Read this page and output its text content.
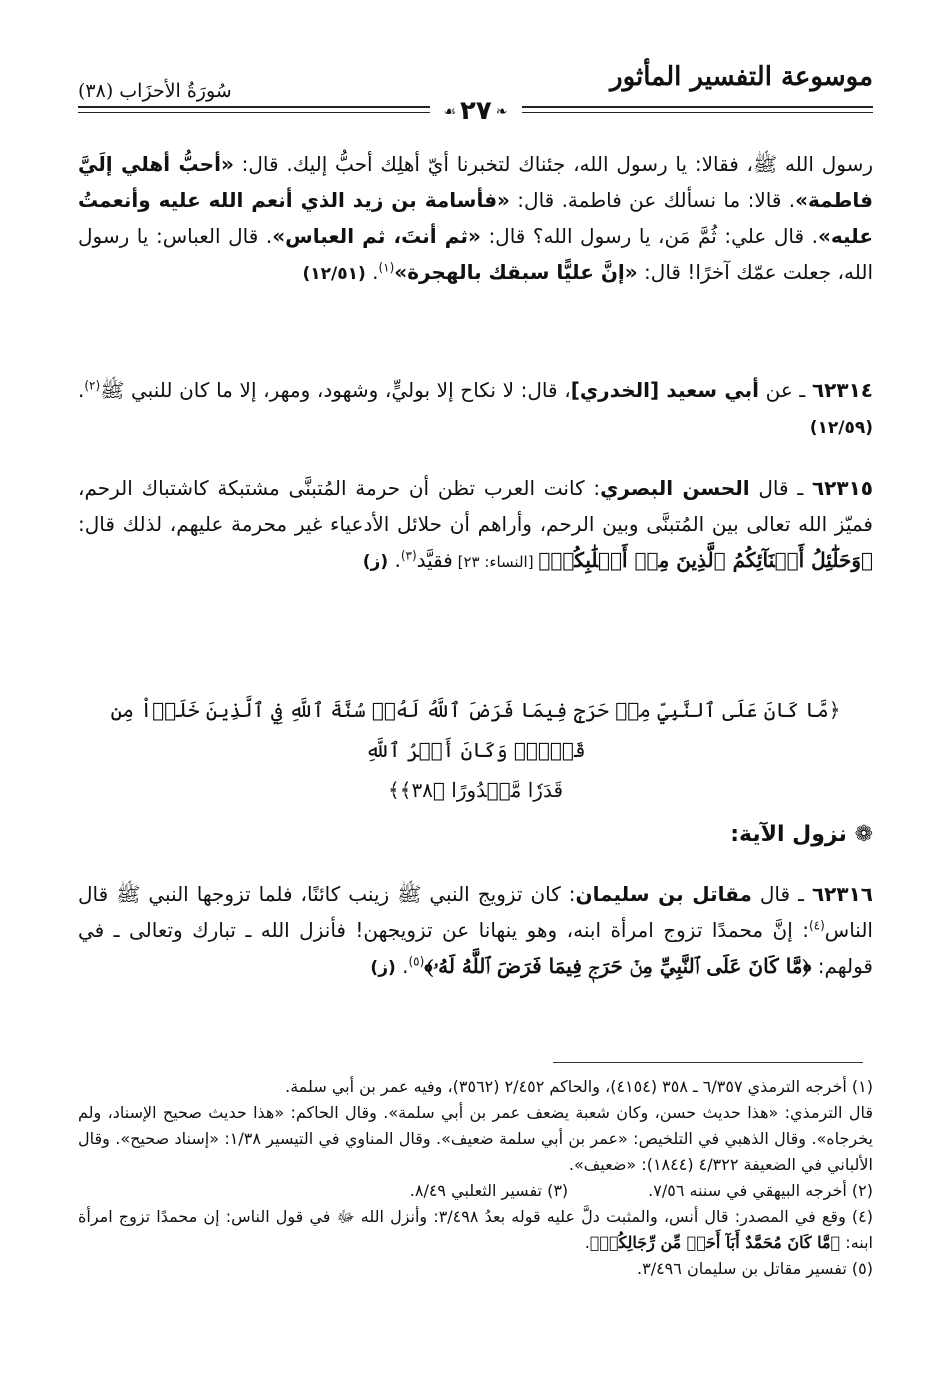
موسوعة التفسير المأثور
سُورَةُ الأحزَاب (٣٨)
❧٢٧☙

رسول الله ﷺ، فقالا: يا رسول الله، جئناك لتخبرنا أيّ أهلِك أحبُّ إليك. قال: «أحبُّ أهلي إلَيَّ فاطمة». قالا: ما نسألك عن فاطمة. قال: «فأسامة بن زيد الذي أنعم الله عليه وأنعمتُ عليه». قال علي: ثُمَّ مَن، يا رسول الله؟ قال: «ثم أنتَ، ثم العباس». قال العباس: يا رسول الله، جعلت عمّك آخرًا! قال: «إنَّ عليًّا سبقك بالهجرة»$^{(١)}$. (١٢/٥١)

٦٢٣١٤ ـ عن أبي سعيد [الخدري]، قال: لا نكاح إلا بوليٍّ، وشهود، ومهر، إلا ما كان للنبي ﷺ$^{(٢)}$. (١٢/٥٩)

٦٢٣١٥ ـ قال الحسن البصري: كانت العرب تظن أن حرمة المُتبنَّى مشتبكة كاشتباك الرحم، فميّز الله تعالى بين المُتبنَّى وبين الرحم، وأراهم أن حلائل الأدعياء غير محرمة عليهم، لذلك قال: ﴿وَحَلَٰٓئِلُ أَبۡنَآئِكُمُ ٱلَّذِينَ مِنۡ أَصۡلَٰبِكُمۡ﴾ [النساء: ٢٣] فقيَّد$^{(٣)}$. (ز)

﴿مَّا كَانَ عَلَى ٱلنَّبِيِّ مِنۡ حَرَجٖ فِيمَا فَرَضَ ٱللَّهُ لَهُۥۖ سُنَّةَ ٱللَّهِ فِي ٱلَّذِينَ خَلَوۡاْ مِن قَبۡلُۚ وَكَانَ أَمۡرُ ٱللَّهِ
قَدَرٗا مَّقۡدُورًا ﴿٣٨﴾﴾
❁ نزول الآية:

٦٢٣١٦ ـ قال مقاتل بن سليمان: كان تزويج النبي ﷺ زينب كائنًا، فلما تزوجها النبي ﷺ قال الناس$^{(٤)}$: إنَّ محمدًا تزوج امرأة ابنه، وهو ينهانا عن تزويجهن! فأنزل الله ـ تبارك وتعالى ـ في قولهم: ﴿مَّا كَانَ عَلَى ٱلنَّبِيِّ مِنۡ حَرَجٖ فِيمَا فَرَضَ ٱللَّهُ لَهُۥ﴾$^{(٥)}$. (ز)

(١) أخرجه الترمذي ٦/٣٥٧ ـ ٣٥٨ (٤١٥٤)، والحاكم ٢/٤٥٢ (٣٥٦٢)، وفيه عمر بن أبي سلمة.

قال الترمذي: «هذا حديث حسن، وكان شعبة يضعف عمر بن أبي سلمة». وقال الحاكم: «هذا حديث صحيح الإسناد، ولم يخرجاه». وقال الذهبي في التلخيص: «عمر بن أبي سلمة ضعيف». وقال المناوي في التيسير ١/٣٨: «إسناد صحيح». وقال الألباني في الضعيفة ٤/٣٢٢ (١٨٤٤): «ضعيف».

(٢) أخرجه البيهقي في سننه ٧/٥٦.
(٣) تفسير الثعلبي ٨/٤٩.

(٤) وقع في المصدر: قال أنس، والمثبت دلَّ عليه قوله بعدُ ٣/٤٩٨: وأنزل الله ﷻ في قول الناس: إن محمدًا تزوج امرأة ابنه: ﴿مَّا كَانَ مُحَمَّدٌ أَبَآ أَحَدٖ مِّن رِّجَالِكُمۡ﴾.

(٥) تفسير مقاتل بن سليمان ٣/٤٩٦.
